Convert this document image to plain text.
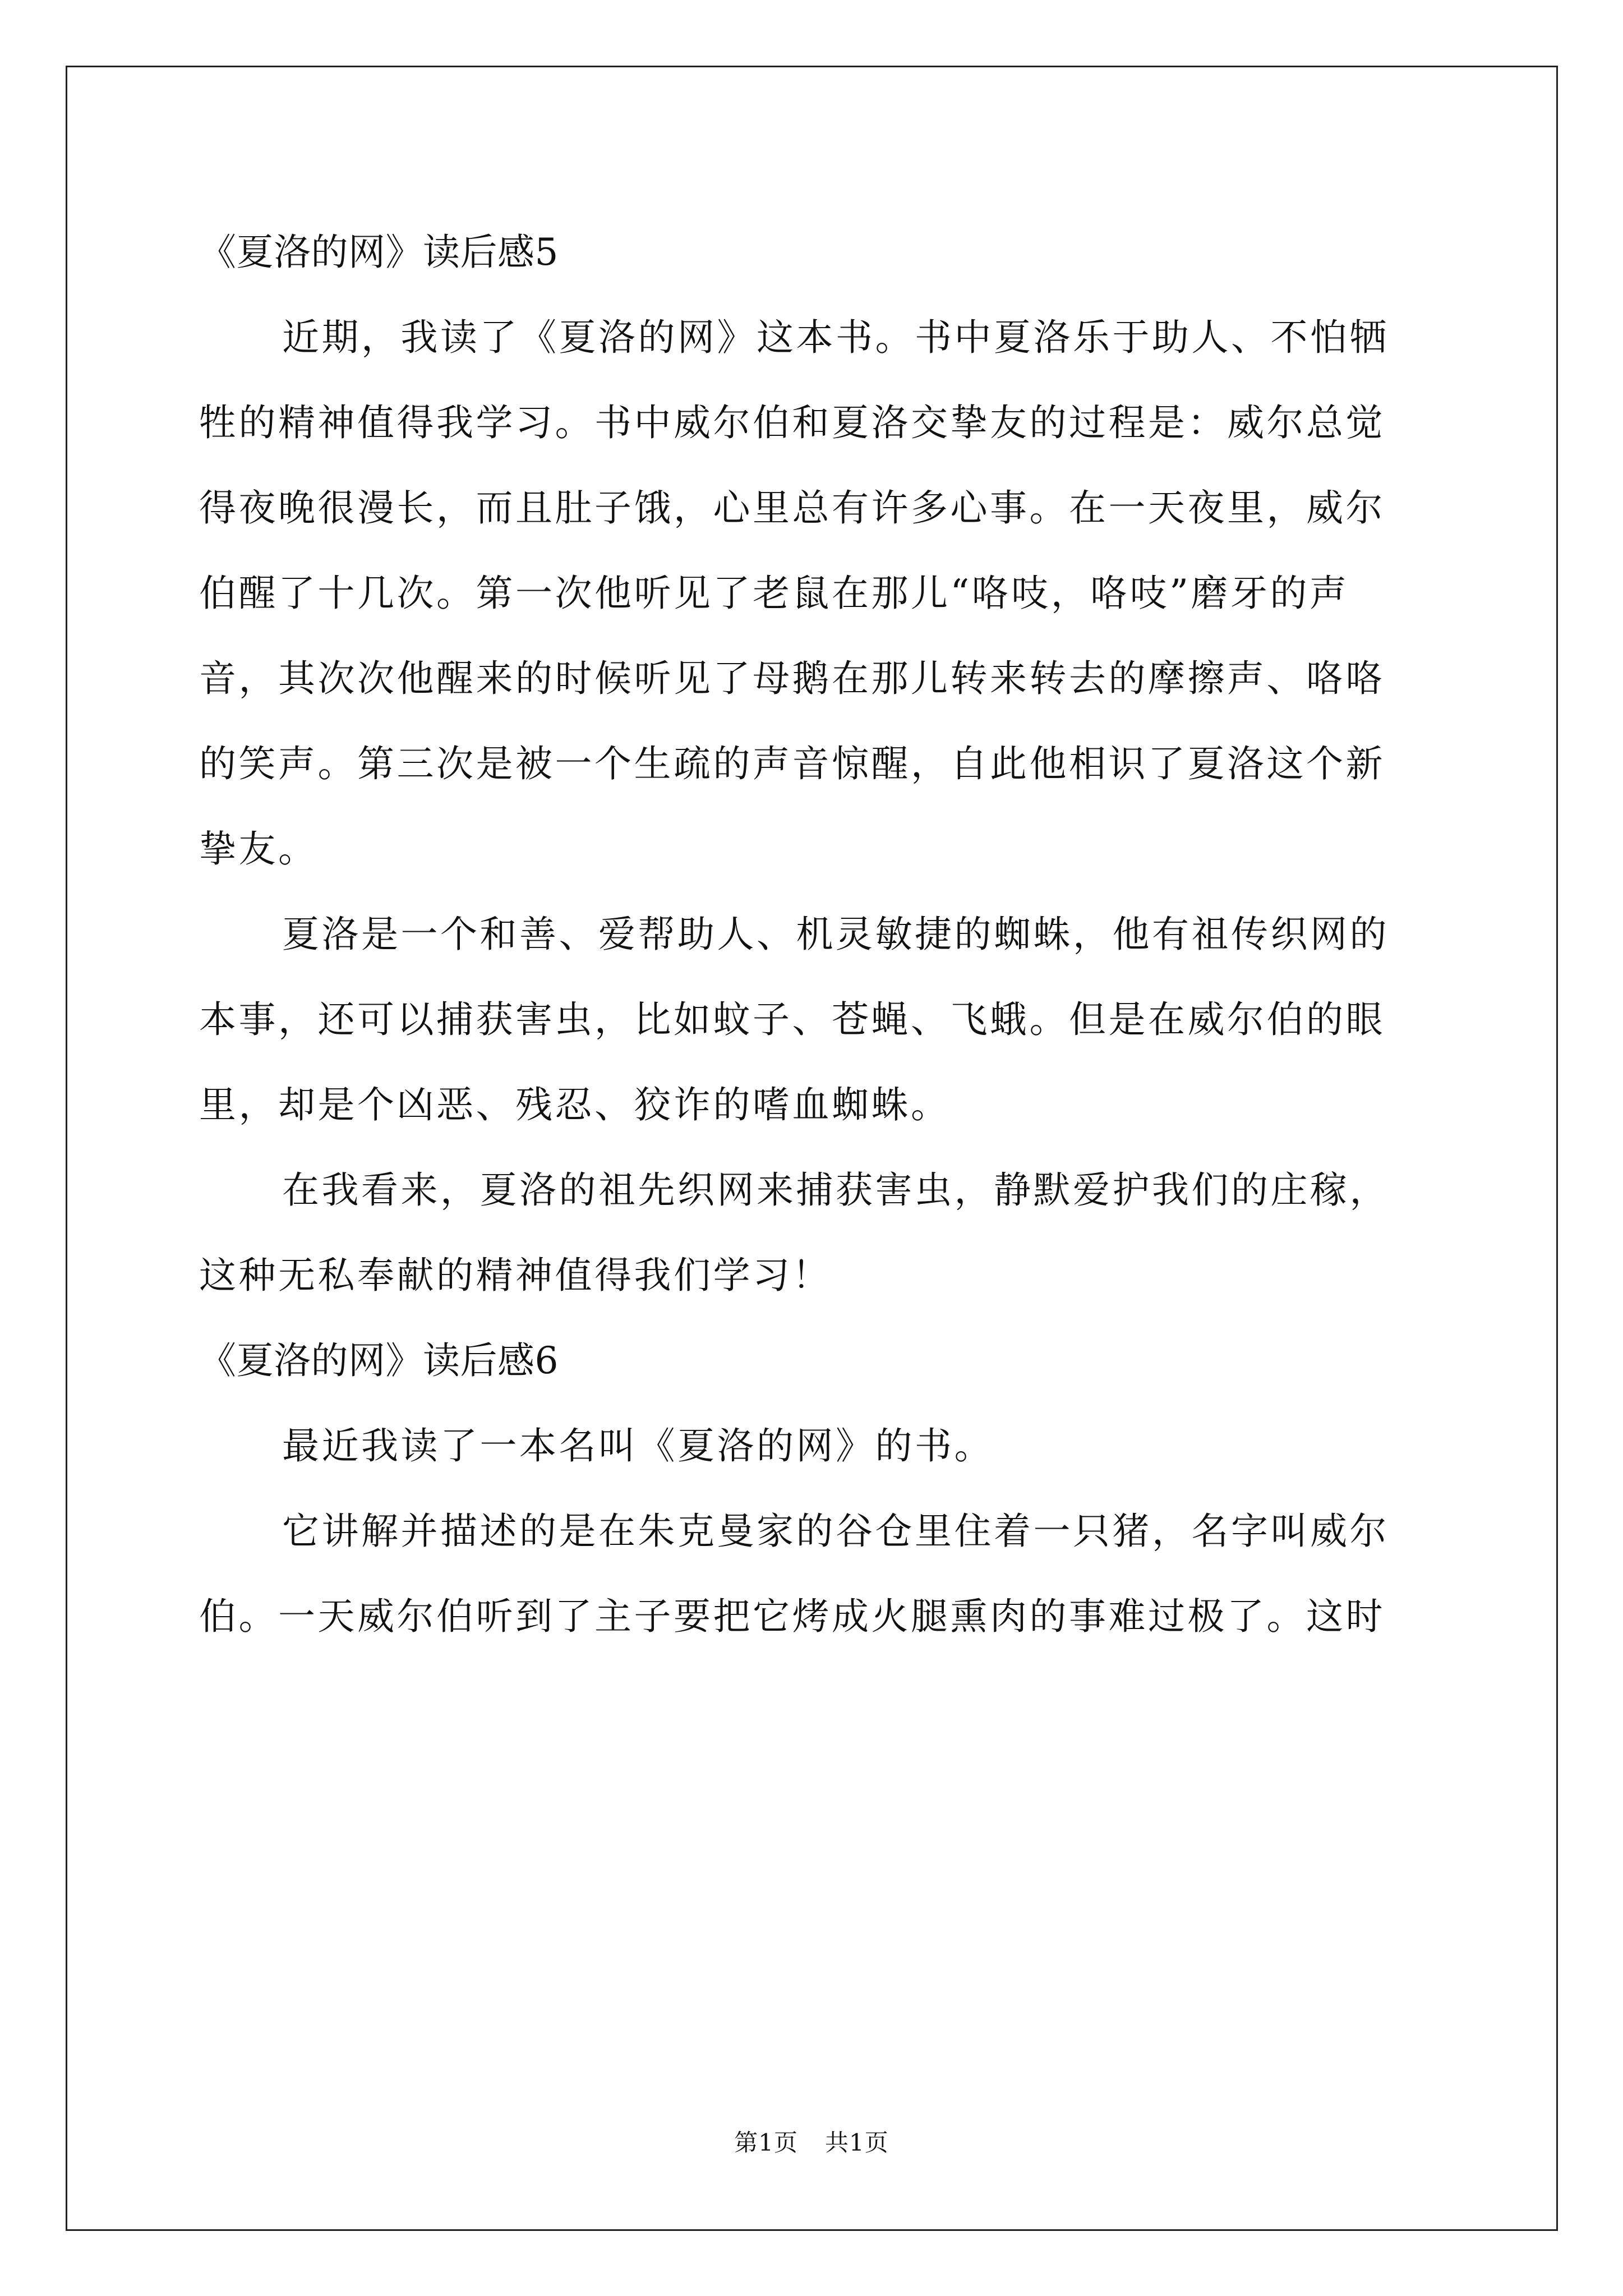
《夏洛的网》读后感5
近期，我读了《夏洛的网》这本书。书中夏洛乐于助人、不怕牺
牲的精神值得我学习。书中威尔伯和夏洛交挚友的过程是：威尔总觉
得夜晚很漫长，而且肚子饿，心里总有许多心事。在一天夜里，威尔
伯醒了十几次。第一次他听见了老鼠在那儿“咯吱，咯吱”磨牙的声
音，其次次他醒来的时候听见了母鹅在那儿转来转去的摩擦声、咯咯
的笑声。第三次是被一个生疏的声音惊醒，自此他相识了夏洛这个新
挚友。
夏洛是一个和善、爱帮助人、机灵敏捷的蜘蛛，他有祖传织网的
本事，还可以捕获害虫，比如蚊子、苍蝇、飞蛾。但是在威尔伯的眼
里，却是个凶恶、残忍、狡诈的嗜血蜘蛛。
在我看来，夏洛的祖先织网来捕获害虫，静默爱护我们的庄稼，
这种无私奉献的精神值得我们学习！
《夏洛的网》读后感6
最近我读了一本名叫《夏洛的网》的书。
它讲解并描述的是在朱克曼家的谷仓里住着一只猪，名字叫威尔
伯。一天威尔伯听到了主子要把它烤成火腿熏肉的事难过极了。这时
第1页 共1页
